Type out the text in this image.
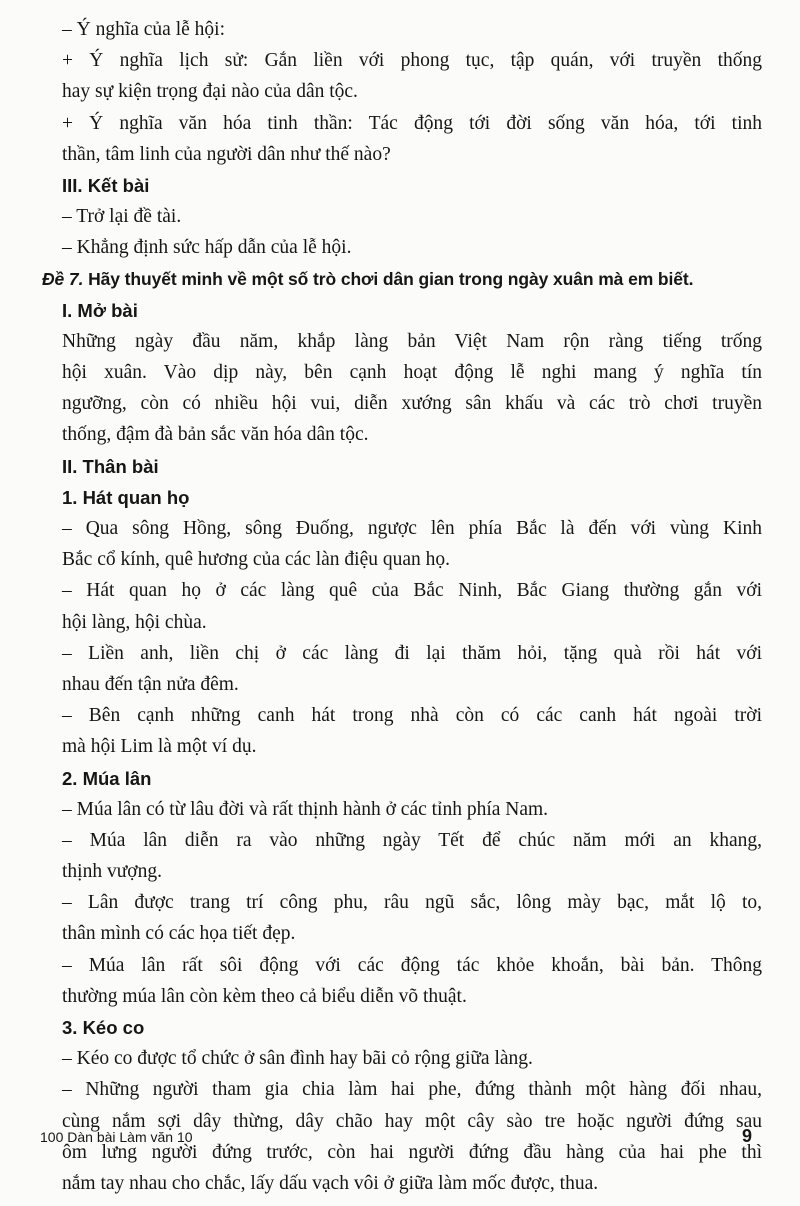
– Ý nghĩa của lễ hội:
+ Ý nghĩa lịch sử: Gắn liền với phong tục, tập quán, với truyền thống
hay sự kiện trọng đại nào của dân tộc.
+ Ý nghĩa văn hóa tinh thần: Tác động tới đời sống văn hóa, tới tinh
thần, tâm linh của người dân như thế nào?
III. Kết bài
– Trở lại đề tài.
– Khẳng định sức hấp dẫn của lễ hội.
Đề 7. Hãy thuyết minh về một số trò chơi dân gian trong ngày xuân mà em biết.
I. Mở bài
Những ngày đầu năm, khắp làng bản Việt Nam rộn ràng tiếng trống
hội xuân. Vào dịp này, bên cạnh hoạt động lễ nghi mang ý nghĩa tín
ngưỡng, còn có nhiều hội vui, diễn xướng sân khấu và các trò chơi truyền
thống, đậm đà bản sắc văn hóa dân tộc.
II. Thân bài
1. Hát quan họ
– Qua sông Hồng, sông Đuống, ngược lên phía Bắc là đến với vùng Kinh
Bắc cổ kính, quê hương của các làn điệu quan họ.
– Hát quan họ ở các làng quê của Bắc Ninh, Bắc Giang thường gắn với
hội làng, hội chùa.
– Liền anh, liền chị ở các làng đi lại thăm hỏi, tặng quà rồi hát với
nhau đến tận nửa đêm.
– Bên cạnh những canh hát trong nhà còn có các canh hát ngoài trời
mà hội Lim là một ví dụ.
2. Múa lân
– Múa lân có từ lâu đời và rất thịnh hành ở các tỉnh phía Nam.
– Múa lân diễn ra vào những ngày Tết để chúc năm mới an khang,
thịnh vượng.
– Lân được trang trí công phu, râu ngũ sắc, lông mày bạc, mắt lộ to,
thân mình có các họa tiết đẹp.
– Múa lân rất sôi động với các động tác khỏe khoắn, bài bản. Thông
thường múa lân còn kèm theo cả biểu diễn võ thuật.
3. Kéo co
– Kéo co được tổ chức ở sân đình hay bãi cỏ rộng giữa làng.
– Những người tham gia chia làm hai phe, đứng thành một hàng đối nhau,
cùng nắm sợi dây thừng, dây chão hay một cây sào tre hoặc người đứng sau
ôm lưng người đứng trước, còn hai người đứng đầu hàng của hai phe thì
nắm tay nhau cho chắc, lấy dấu vạch vôi ở giữa làm mốc được, thua.
100 Dàn bài Làm văn 10	9
